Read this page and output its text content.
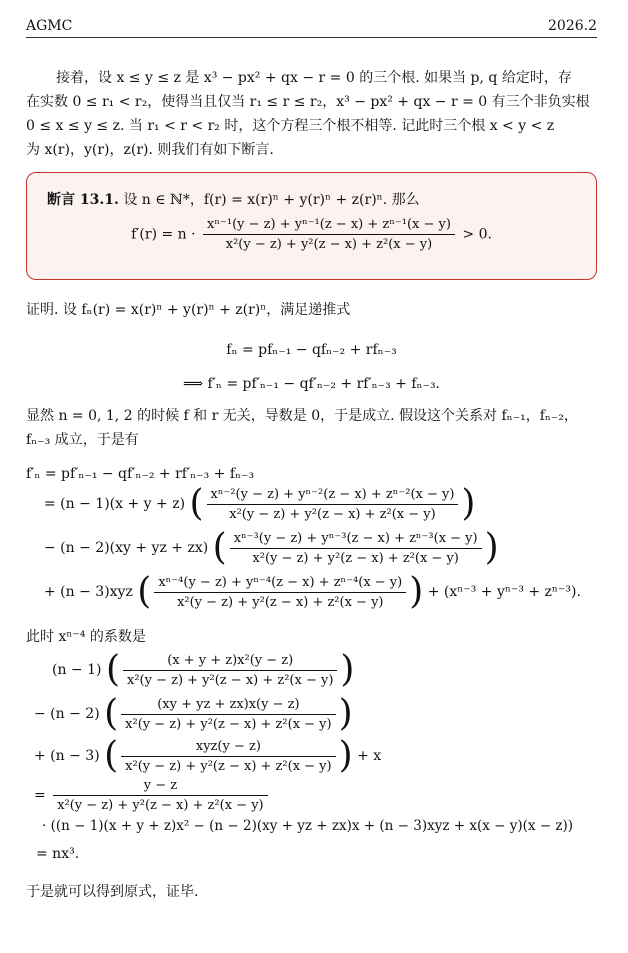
AGMC	2026.2
接着，设 x ≤ y ≤ z 是 x³ − px² + qx − r = 0 的三个根. 如果当 p, q 给定时，存
在实数 0 ≤ r₁ < r₂，使得当且仅当 r₁ ≤ r ≤ r₂，x³ − px² + qx − r = 0 有三个非负实根
0 ≤ x ≤ y ≤ z. 当 r₁ < r < r₂ 时，这个方程三个根不相等. 记此时三个根 x < y < z
为 x(r)，y(r)，z(r). 则我们有如下断言.
断言 13.1. 设 n ∈ ℕ*，f(r) = x(r)ⁿ + y(r)ⁿ + z(r)ⁿ. 那么
$f'(r) = n \cdot \frac{\text{xⁿ⁻¹(y − z) + yⁿ⁻¹(z − x) + zⁿ⁻¹(x − y)}}{\text{x²(y − z) + y²(z − x) + z²(x − y)}} > 0$.
证明. 设 fₙ(r) = x(r)ⁿ + y(r)ⁿ + z(r)ⁿ，满足递推式
fₙ = pfₙ₋₁ − qfₙ₋₂ + rfₙ₋₃
⟹ f′ₙ = pf′ₙ₋₁ − qf′ₙ₋₂ + rf′ₙ₋₃ + fₙ₋₃.
显然 n = 0, 1, 2 的时候 f 和 r 无关，导数是 0，于是成立. 假设这个关系对 fₙ₋₁，fₙ₋₂，
fₙ₋₃ 成立，于是有
f′ₙ = pf′ₙ₋₁ − qf′ₙ₋₂ + rf′ₙ₋₃ + fₙ₋₃
= (n − 1)(x + y + z) ( $\frac{\text{xⁿ⁻²(y − z) + yⁿ⁻²(z − x) + zⁿ⁻²(x − y)}}{\text{x²(y − z) + y²(z − x) + z²(x − y)}}$ )
− (n − 2)(xy + yz + zx) ( $\frac{\text{xⁿ⁻³(y − z) + yⁿ⁻³(z − x) + zⁿ⁻³(x − y)}}{\text{x²(y − z) + y²(z − x) + z²(x − y)}}$ )
+ (n − 3)xyz ( $\frac{\text{xⁿ⁻⁴(y − z) + yⁿ⁻⁴(z − x) + zⁿ⁻⁴(x − y)}}{\text{x²(y − z) + y²(z − x) + z²(x − y)}}$ ) + (xⁿ⁻³ + yⁿ⁻³ + zⁿ⁻³).
此时 xⁿ⁻⁴ 的系数是
(n − 1) ( $\frac{\text{(x + y + z)x²(y − z)}}{\text{x²(y − z) + y²(z − x) + z²(x − y)}}$ )
− (n − 2) ( $\frac{(xy + yz + zx)x(y - z)}{\text{x²(y − z) + y²(z − x) + z²(x − y)}}$ )
+ (n − 3) ( $\frac{\text{xyz(y − z)}}{\text{x²(y − z) + y²(z − x) + z²(x − y)}}$ ) + x
= $\frac{y - z}{\text{x²(y − z) + y²(z − x) + z²(x − y)}}$
· ((n − 1)(x + y + z)x² − (n − 2)(xy + yz + zx)x + (n − 3)xyz + x(x − y)(x − z))
= nx³.
于是就可以得到原式，证毕.
